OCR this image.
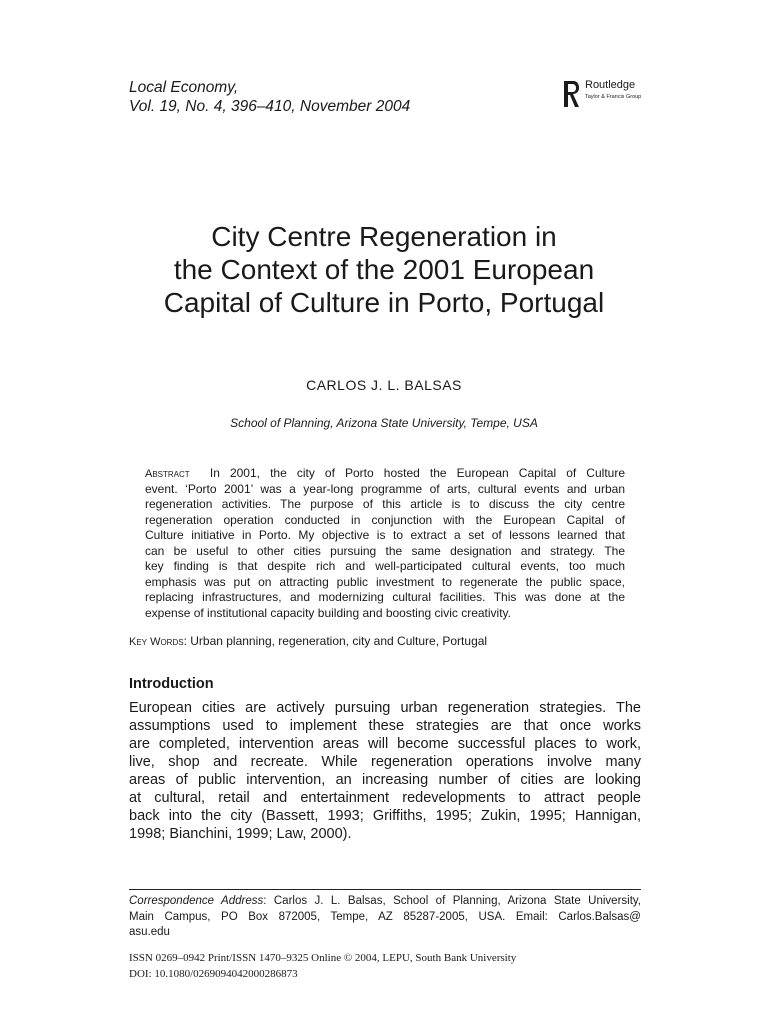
Local Economy,
Vol. 19, No. 4, 396–410, November 2004
Routledge
Taylor & Francis Group
City Centre Regeneration in
the Context of the 2001 European
Capital of Culture in Porto, Portugal
CARLOS J. L. BALSAS
School of Planning, Arizona State University, Tempe, USA
Abstract In 2001, the city of Porto hosted the European Capital of Culture
event. ‘Porto 2001’ was a year-long programme of arts, cultural events and urban
regeneration activities. The purpose of this article is to discuss the city centre
regeneration operation conducted in conjunction with the European Capital of
Culture initiative in Porto. My objective is to extract a set of lessons learned that
can be useful to other cities pursuing the same designation and strategy. The
key finding is that despite rich and well-participated cultural events, too much
emphasis was put on attracting public investment to regenerate the public space,
replacing infrastructures, and modernizing cultural facilities. This was done at the
expense of institutional capacity building and boosting civic creativity.
Key Words: Urban planning, regeneration, city and Culture, Portugal
Introduction
European cities are actively pursuing urban regeneration strategies. The
assumptions used to implement these strategies are that once works
are completed, intervention areas will become successful places to work,
live, shop and recreate. While regeneration operations involve many
areas of public intervention, an increasing number of cities are looking
at cultural, retail and entertainment redevelopments to attract people
back into the city (Bassett, 1993; Griffiths, 1995; Zukin, 1995; Hannigan,
1998; Bianchini, 1999; Law, 2000).
Correspondence Address: Carlos J. L. Balsas, School of Planning, Arizona State University,
Main Campus, PO Box 872005, Tempe, AZ 85287-2005, USA. Email: Carlos.Balsas@
asu.edu
ISSN 0269–0942 Print/ISSN 1470–9325 Online © 2004, LEPU, South Bank University
DOI: 10.1080/0269094042000286873
